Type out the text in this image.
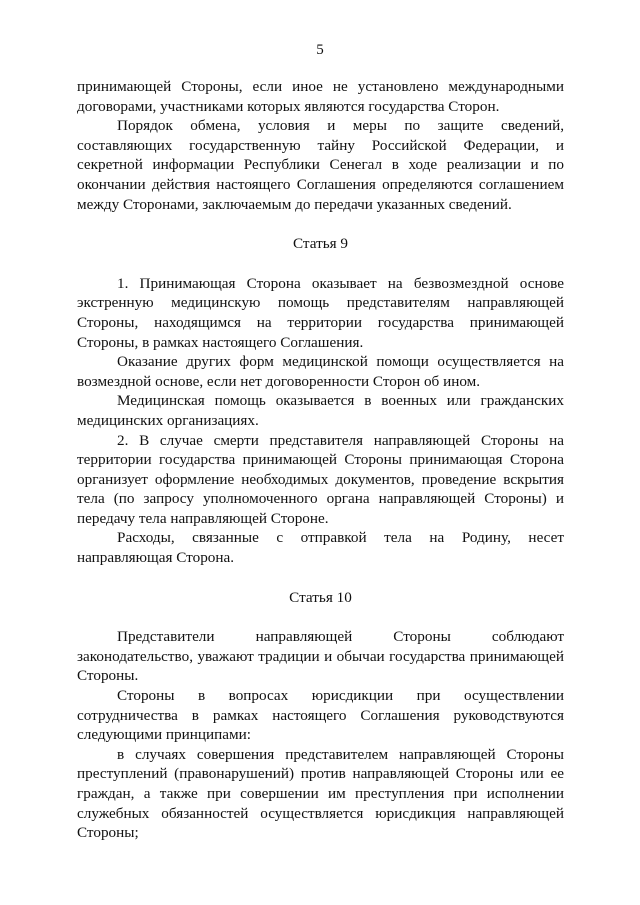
5

принимающей Стороны, если иное не установлено международными договорами, участниками которых являются государства Сторон.

Порядок обмена, условия и меры по защите сведений, составляющих государственную тайну Российской Федерации, и секретной информации Республики Сенегал в ходе реализации и по окончании действия настоящего Соглашения определяются соглашением между Сторонами, заключаемым до передачи указанных сведений.

Статья 9

1. Принимающая Сторона оказывает на безвозмездной основе экстренную медицинскую помощь представителям направляющей Стороны, находящимся на территории государства принимающей Стороны, в рамках настоящего Соглашения.

Оказание других форм медицинской помощи осуществляется на возмездной основе, если нет договоренности Сторон об ином.

Медицинская помощь оказывается в военных или гражданских медицинских организациях.

2. В случае смерти представителя направляющей Стороны на территории государства принимающей Стороны принимающая Сторона организует оформление необходимых документов, проведение вскрытия тела (по запросу уполномоченного органа направляющей Стороны) и передачу тела направляющей Стороне.

Расходы, связанные с отправкой тела на Родину, несет направляющая Сторона.

Статья 10

Представители направляющей Стороны соблюдают законодательство, уважают традиции и обычаи государства принимающей Стороны.

Стороны в вопросах юрисдикции при осуществлении сотрудничества в рамках настоящего Соглашения руководствуются следующими принципами:

в случаях совершения представителем направляющей Стороны преступлений (правонарушений) против направляющей Стороны или ее граждан, а также при совершении им преступления при исполнении служебных обязанностей осуществляется юрисдикция направляющей Стороны;
